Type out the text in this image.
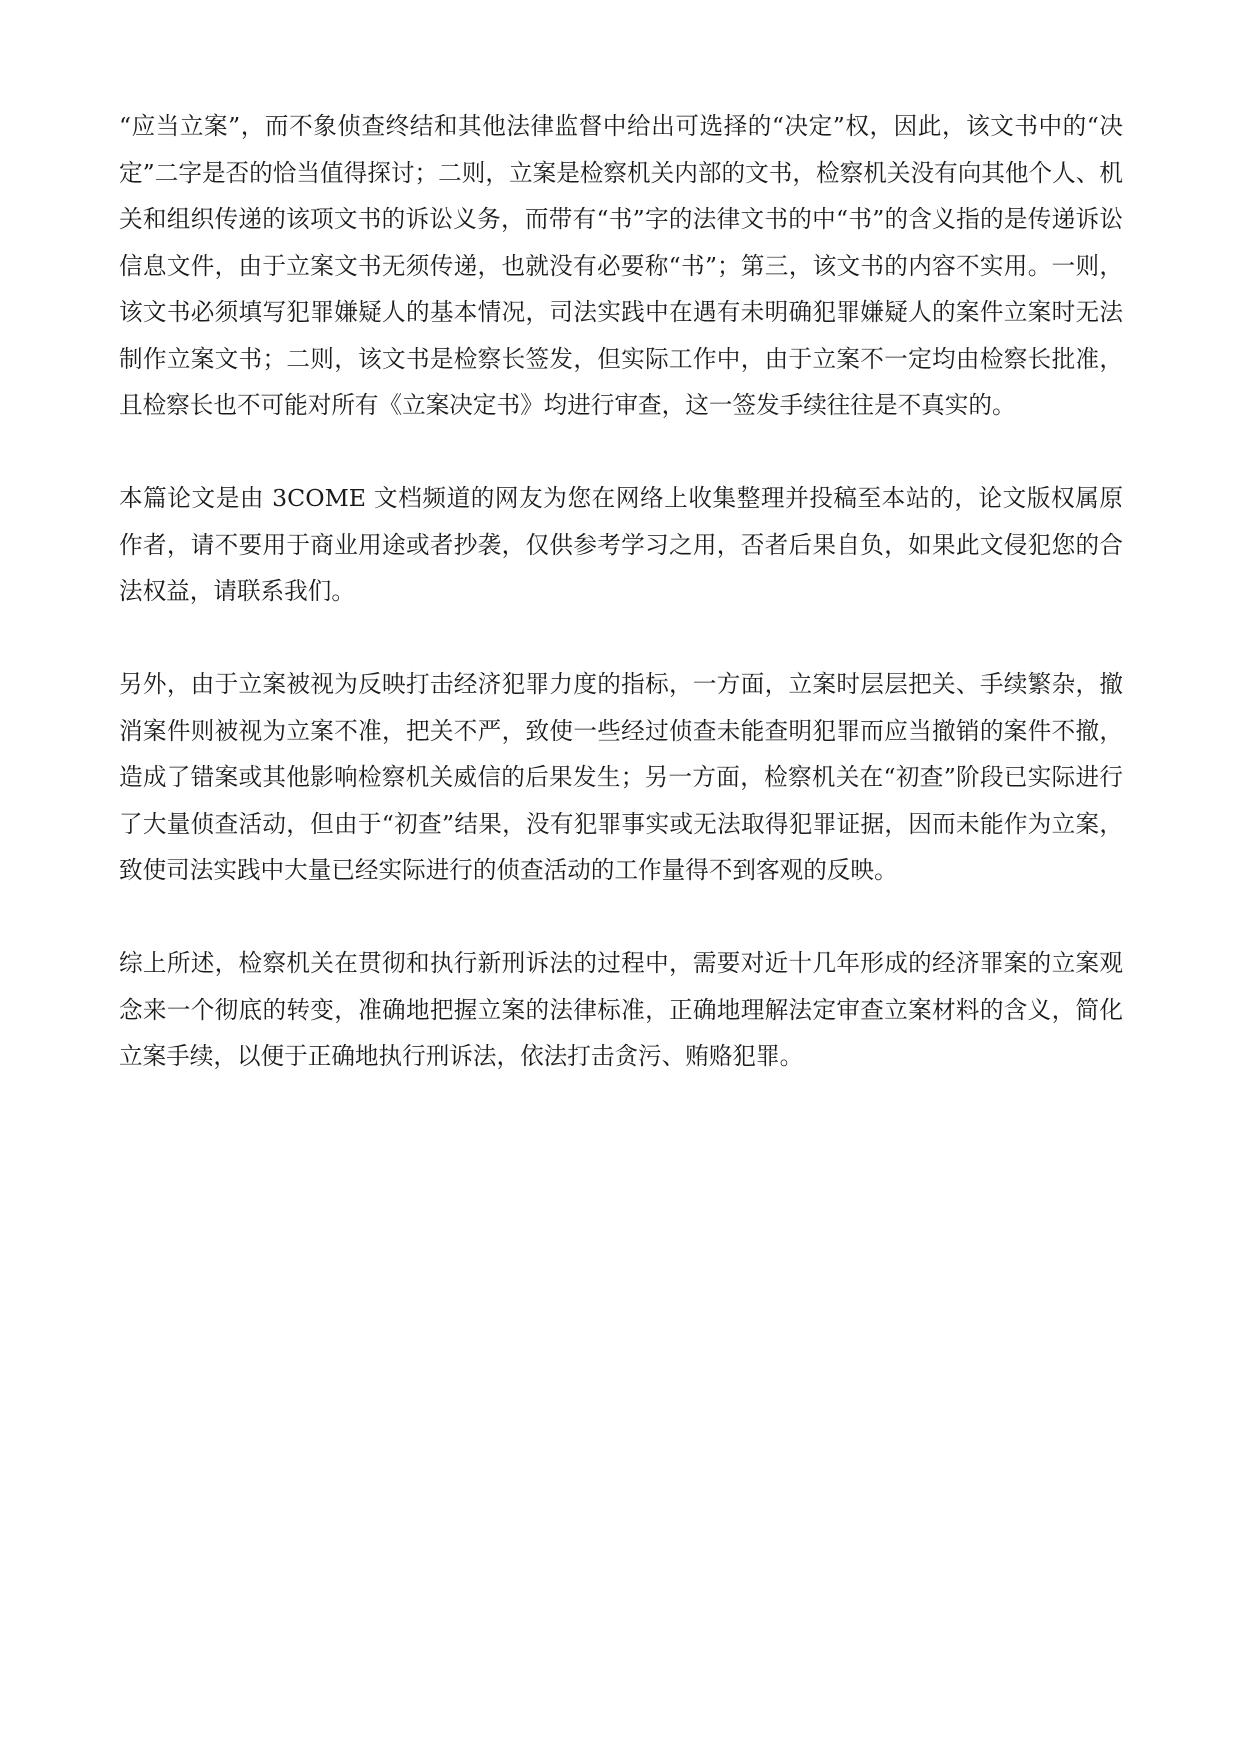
“应当立案”，而不象侦查终结和其他法律监督中给出可选择的“决定”权，因此，该文书中的“决定”二字是否的恰当值得探讨；二则，立案是检察机关内部的文书，检察机关没有向其他个人、机关和组织传递的该项文书的诉讼义务，而带有“书”字的法律文书的中“书”的含义指的是传递诉讼信息文件，由于立案文书无须传递，也就没有必要称“书”；第三，该文书的内容不实用。一则，该文书必须填写犯罪嫌疑人的基本情况，司法实践中在遇有未明确犯罪嫌疑人的案件立案时无法制作立案文书；二则，该文书是检察长签发，但实际工作中，由于立案不一定均由检察长批准，且检察长也不可能对所有《立案决定书》均进行审查，这一签发手续往往是不真实的。

本篇论文是由 3COME 文档频道的网友为您在网络上收集整理并投稿至本站的，论文版权属原作者，请不要用于商业用途或者抄袭，仅供参考学习之用，否者后果自负，如果此文侵犯您的合法权益，请联系我们。

另外，由于立案被视为反映打击经济犯罪力度的指标，一方面，立案时层层把关、手续繁杂，撤消案件则被视为立案不准，把关不严，致使一些经过侦查未能查明犯罪而应当撤销的案件不撤，造成了错案或其他影响检察机关威信的后果发生；另一方面，检察机关在“初查”阶段已实际进行了大量侦查活动，但由于“初查”结果，没有犯罪事实或无法取得犯罪证据，因而未能作为立案，致使司法实践中大量已经实际进行的侦查活动的工作量得不到客观的反映。

综上所述，检察机关在贯彻和执行新刑诉法的过程中，需要对近十几年形成的经济罪案的立案观念来一个彻底的转变，准确地把握立案的法律标准，正确地理解法定审查立案材料的含义，简化立案手续，以便于正确地执行刑诉法，依法打击贪污、贿赂犯罪。
